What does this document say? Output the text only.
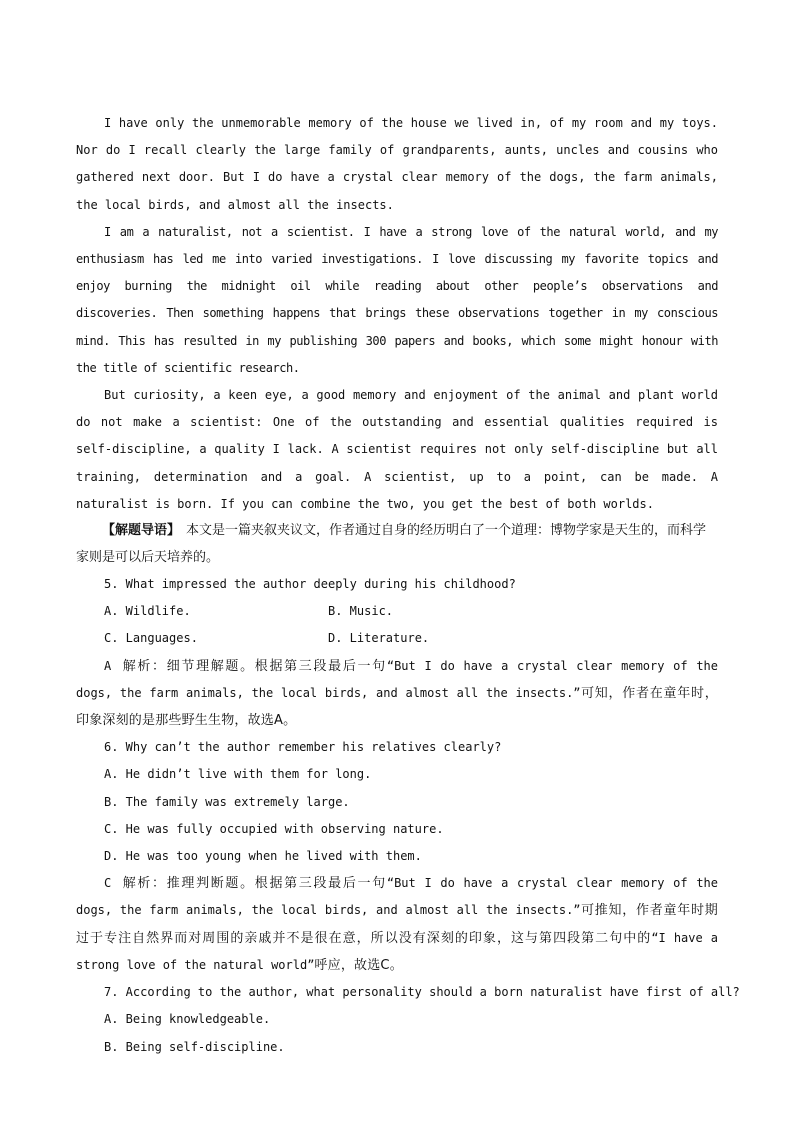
I have only the unmemorable memory of the house we lived in, of my room and my toys. Nor do I recall clearly the large family of grandparents, aunts, uncles and cousins who gathered next door. But I do have a crystal clear memory of the dogs, the farm animals, the local birds, and almost all the insects.

I am a naturalist, not a scientist. I have a strong love of the natural world, and my enthusiasm has led me into varied investigations. I love discussing my favorite topics and enjoy burning the midnight oil while reading about other people’s observations and discoveries. Then something happens that brings these observations together in my conscious mind. This has resulted in my publishing 300 papers and books, which some might honour with the title of scientific research.

But curiosity, a keen eye, a good memory and enjoyment of the animal and plant world do not make a scientist: One of the outstanding and essential qualities required is self-discipline, a quality I lack. A scientist requires not only self-discipline but all training, determination and a goal. A scientist, up to a point, can be made. A naturalist is born. If you can combine the two, you get the best of both worlds.

【解题导语】 本文是一篇夹叙夹议文，作者通过自身的经历明白了一个道理：博物学家是天生的，而科学家则是可以后天培养的。

5. What impressed the author deeply during his childhood?

A. Wildlife.	B. Music.
C. Languages.	D. Literature.

A 解析：细节理解题。根据第三段最后一句“But I do have a crystal clear memory of the dogs, the farm animals, the local birds, and almost all the insects.”可知，作者在童年时，印象深刻的是那些野生生物，故选A。

6. Why can’t the author remember his relatives clearly?

A. He didn’t live with them for long.

B. The family was extremely large.

C. He was fully occupied with observing nature.

D. He was too young when he lived with them.

C 解析：推理判断题。根据第三段最后一句“But I do have a crystal clear memory of the dogs, the farm animals, the local birds, and almost all the insects.”可推知，作者童年时期过于专注自然界而对周围的亲戚并不是很在意，所以没有深刻的印象，这与第四段第二句中的“I have a strong love of the natural world”呼应，故选C。

7. According to the author, what personality should a born naturalist have first of all?

A. Being knowledgeable.

B. Being self-discipline.
